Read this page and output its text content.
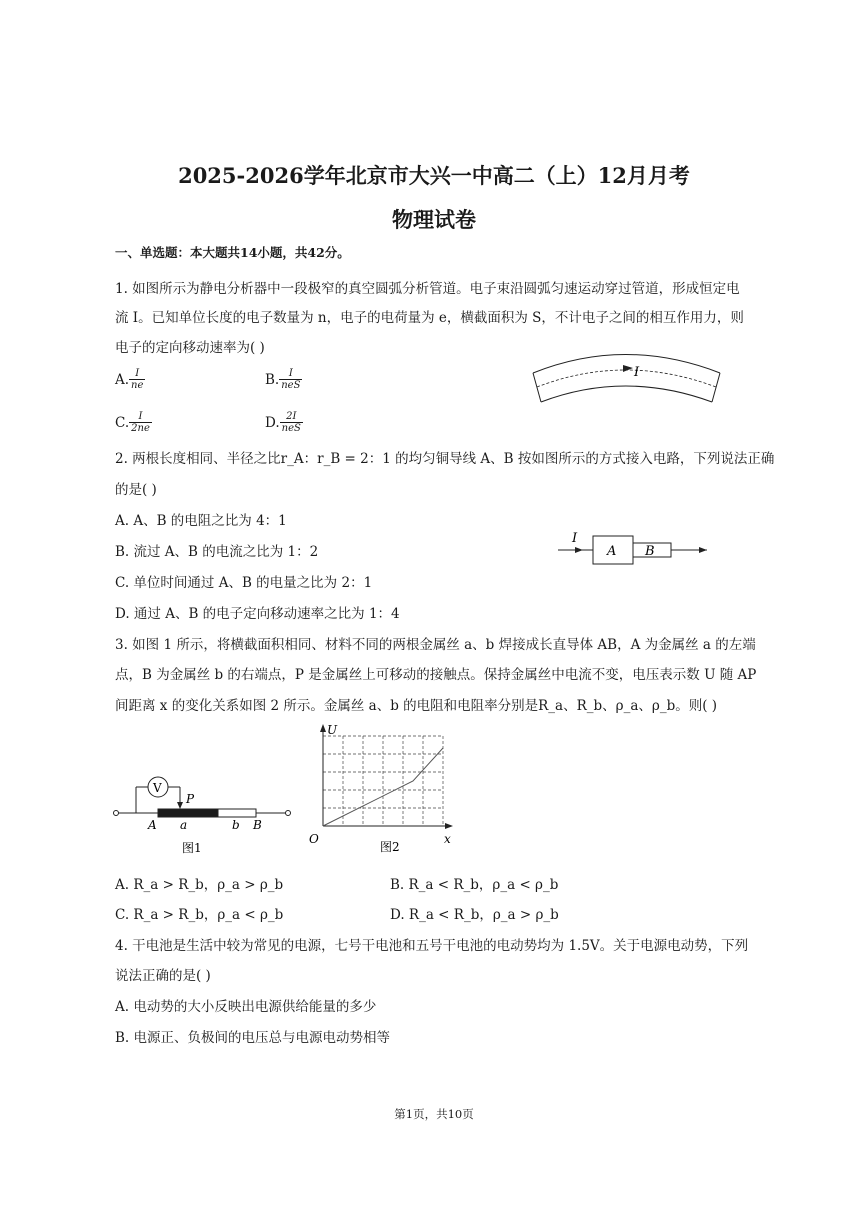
2025-2026学年北京市大兴一中高二（上）12月月考
物理试卷
一、单选题：本大题共14小题，共42分。
1. 如图所示为静电分析器中一段极窄的真空圆弧分析管道。电子束沿圆弧匀速运动穿过管道，形成恒定电
流 I。已知单位长度的电子数量为 n，电子的电荷量为 e，横截面积为 S，不计电子之间的相互作用力，则
电子的定向移动速率为( )
A. $\frac{I}{ne}$	B. $\frac{I}{\text{neS}}$
C. $\frac{I}{2ne}$	D. $\frac{2I}{\text{neS}}$
I
2. 两根长度相同、半径之比r_A：r_B = 2：1 的均匀铜导线 A、B 按如图所示的方式接入电路，下列说法正确
的是( )
A. A、B 的电阻之比为 4：1
B. 流过 A、B 的电流之比为 1：2
C. 单位时间通过 A、B 的电量之比为 2：1
D. 通过 A、B 的电子定向移动速率之比为 1：4
I
A B
3. 如图 1 所示，将横截面积相同、材料不同的两根金属丝 a、b 焊接成长直导体 AB，A 为金属丝 a 的左端
点，B 为金属丝 b 的右端点，P 是金属丝上可移动的接触点。保持金属丝中电流不变，电压表示数 U 随 AP
间距离 x 的变化关系如图 2 所示。金属丝 a、b 的电阻和电阻率分别是R_a、R_b、ρ_a、ρ_b。则( )
V
P
A a	b B
图1
U
x
O
图2
A. R_a > R_b，ρ_a > ρ_b	B. R_a < R_b，ρ_a < ρ_b
C. R_a > R_b，ρ_a < ρ_b	D. R_a < R_b，ρ_a > ρ_b
4. 干电池是生活中较为常见的电源，七号干电池和五号干电池的电动势均为 1.5V。关于电源电动势，下列
说法正确的是( )
A. 电动势的大小反映出电源供给能量的多少
B. 电源正、负极间的电压总与电源电动势相等
第1页，共10页
